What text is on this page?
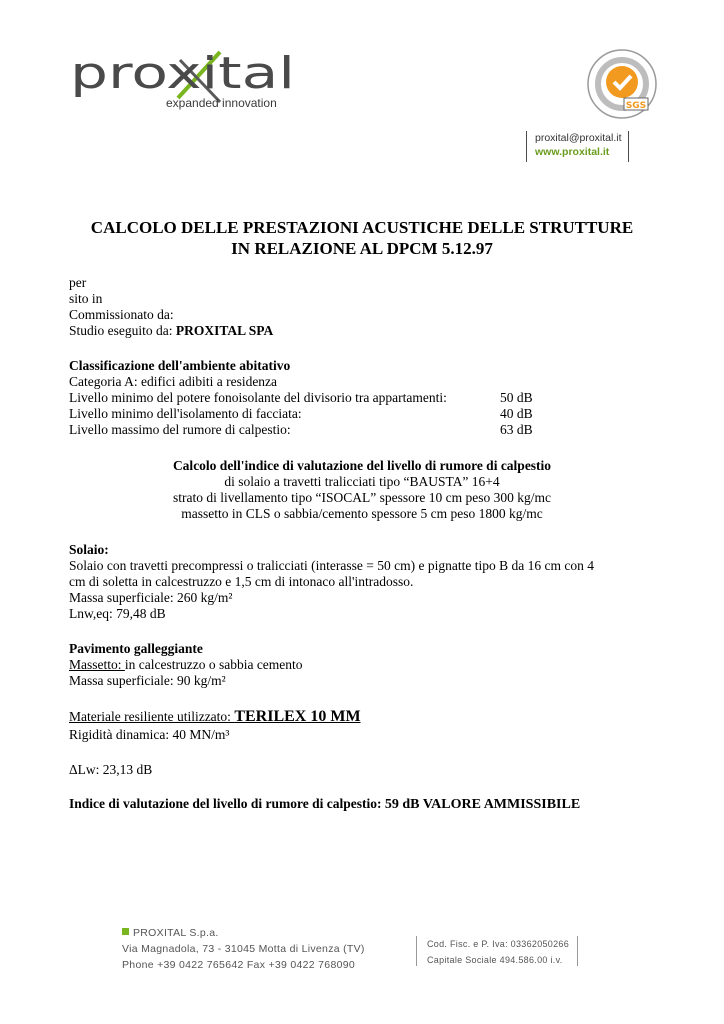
proxital
expanded innovation	SGS
proxital@proxital.it
www.proxital.it
CALCOLO DELLE PRESTAZIONI ACUSTICHE DELLE STRUTTURE
IN RELAZIONE AL DPCM 5.12.97
per
sito in
Commissionato da:
Studio eseguito da: PROXITAL SPA
Classificazione dell'ambiente abitativo
Categoria A: edifici adibiti a residenza
Livello minimo del potere fonoisolante del divisorio tra appartamenti:	50 dB
Livello minimo dell'isolamento di facciata:	40 dB
Livello massimo del rumore di calpestio:	63 dB
Calcolo dell'indice di valutazione del livello di rumore di calpestio
di solaio a travetti tralicciati tipo “BAUSTA” 16+4
strato di livellamento tipo “ISOCAL” spessore 10 cm peso 300 kg/mc
massetto in CLS o sabbia/cemento spessore 5 cm peso 1800 kg/mc
Solaio:
Solaio con travetti precompressi o tralicciati (interasse = 50 cm) e pignatte tipo B da 16 cm con 4
cm di soletta in calcestruzzo e 1,5 cm di intonaco all'intradosso.
Massa superficiale: 260 kg/m²
Lnw,eq: 79,48 dB
Pavimento galleggiante
Massetto: in calcestruzzo o sabbia cemento
Massa superficiale: 90 kg/m²
Materiale resiliente utilizzato: TERILEX 10 MM
Rigidità dinamica: 40 MN/m³
ΔLw: 23,13 dB
Indice di valutazione del livello di rumore di calpestio: 59 dB VALORE AMMISSIBILE
PROXITAL S.p.a.
Via Magnadola, 73 - 31045 Motta di Livenza (TV)
Phone +39 0422 765642 Fax +39 0422 768090
Cod. Fisc. e P. Iva: 03362050266
Capitale Sociale 494.586.00 i.v.
